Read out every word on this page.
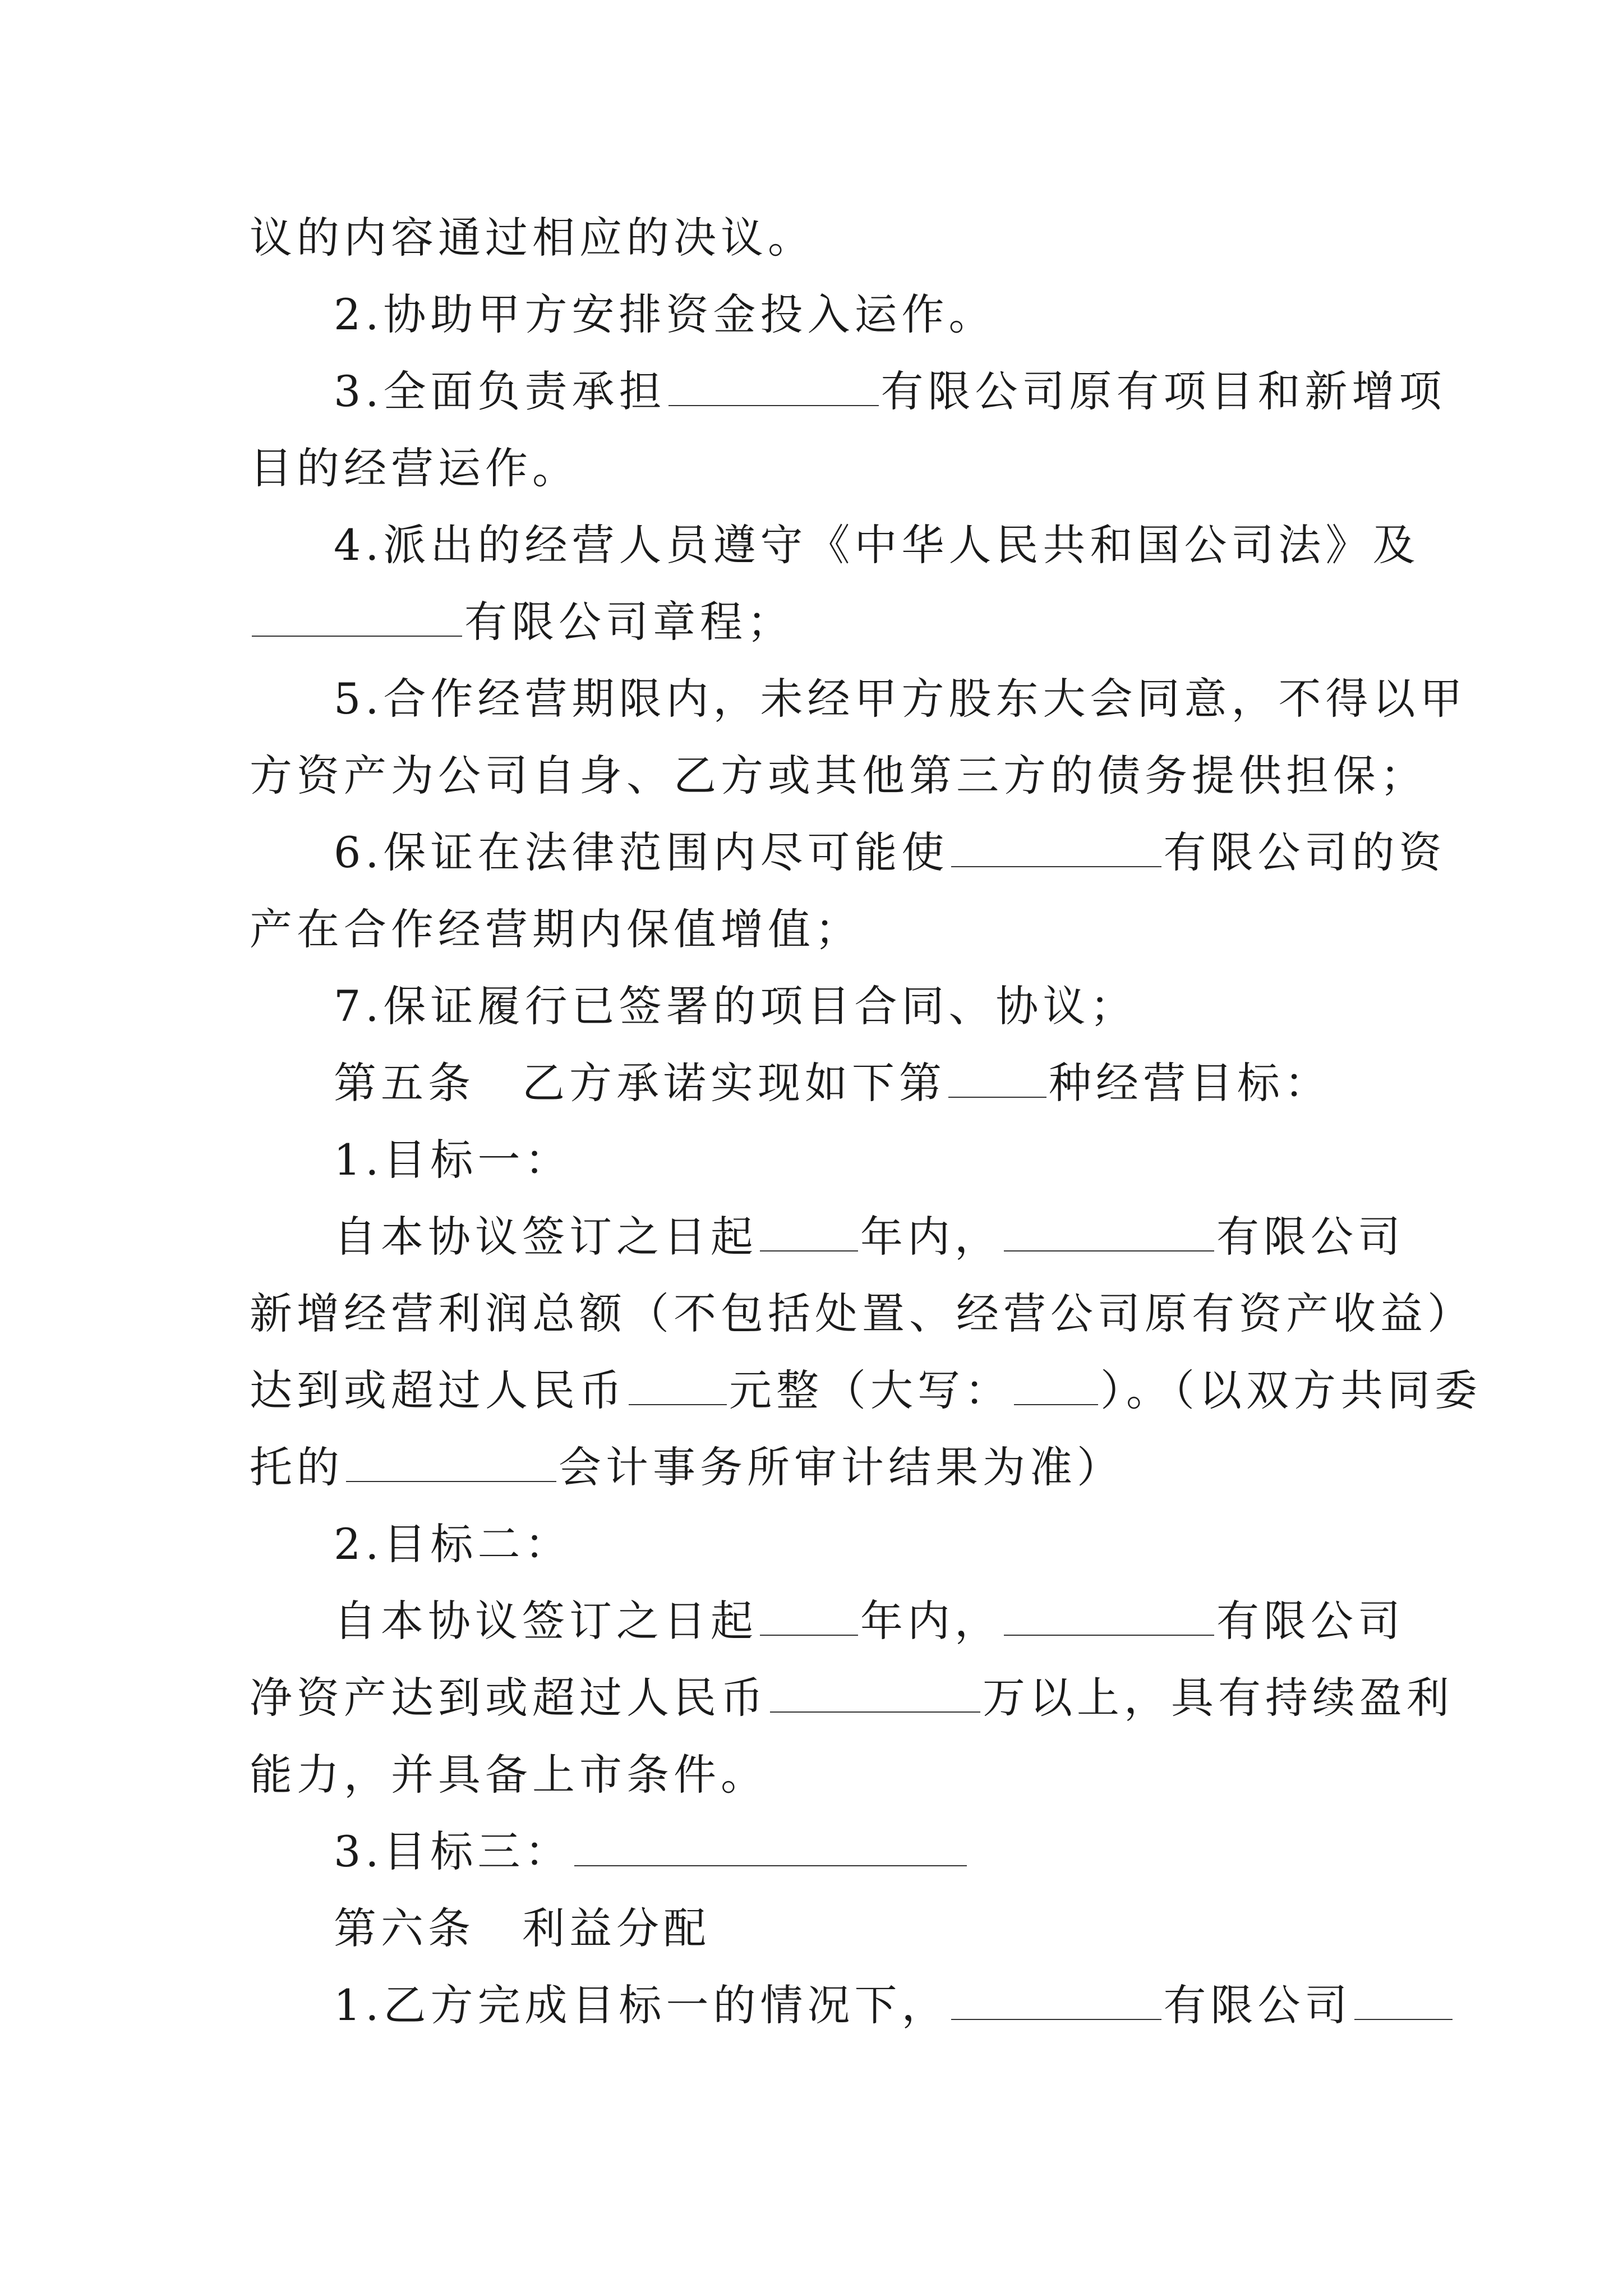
议的内容通过相应的决议。
2.协助甲方安排资金投入运作。
3.全面负责承担	有限公司原有项目和新增项
目的经营运作。
4.派出的经营人员遵守《中华人民共和国公司法》及
有限公司章程；
5.合作经营期限内，未经甲方股东大会同意，不得以甲
方资产为公司自身、乙方或其他第三方的债务提供担保；
6.保证在法律范围内尽可能使	有限公司的资
产在合作经营期内保值增值；
7.保证履行已签署的项目合同、协议；
第五条　乙方承诺实现如下第 种经营目标：
1.目标一：
自本协议签订之日起 年内，	有限公司
新增经营利润总额（不包括处置、经营公司原有资产收益）
达到或超过人民币 元整（大写： ）。（以双方共同委
托的	会计事务所审计结果为准）
2.目标二：
自本协议签订之日起 年内，	有限公司
净资产达到或超过人民币	万以上，具有持续盈利
能力，并具备上市条件。
3.目标三：
第六条　利益分配
1.乙方完成目标一的情况下，	有限公司
